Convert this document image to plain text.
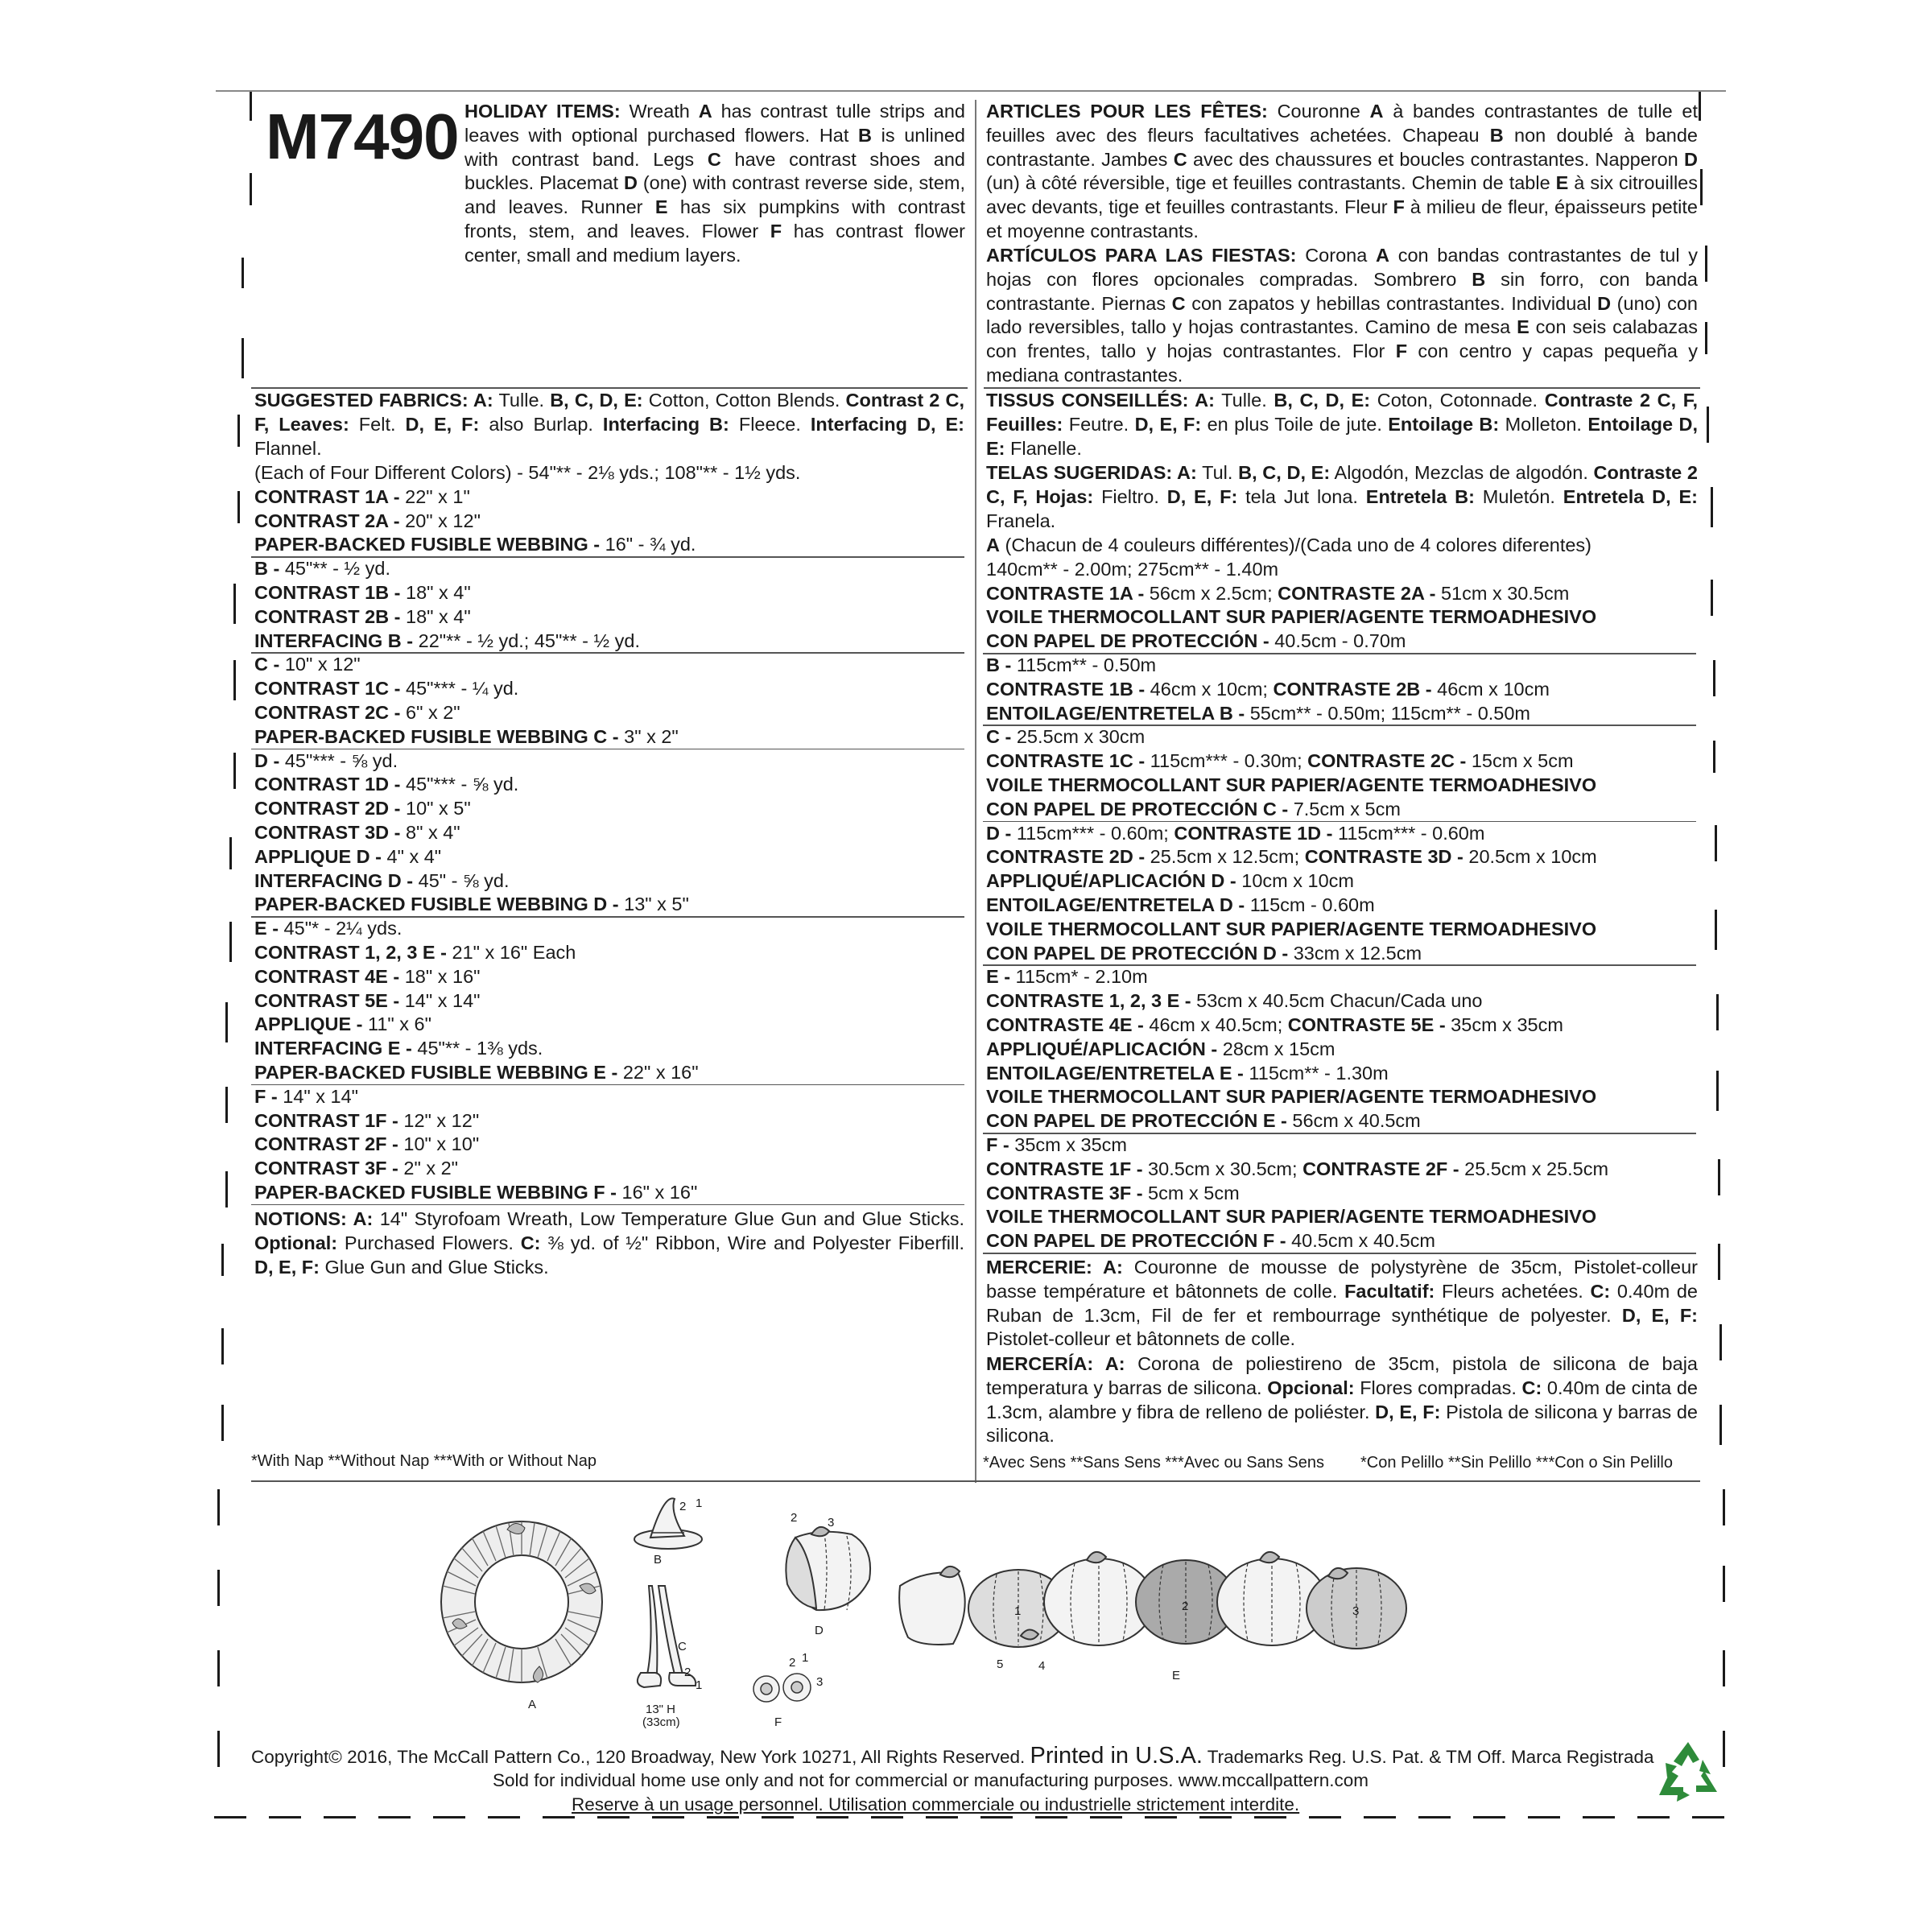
M7490 HOLIDAY ITEMS: Wreath A has contrast tulle strips and leaves with optional purchased flowers. Hat B is unlined with contrast band. Legs C have contrast shoes and buckles. Placemat D (one) with contrast reverse side, stem, and leaves. Runner E has six pumpkins with contrast fronts, stem, and leaves. Flower F has contrast flower center, small and medium layers.
ARTICLES POUR LES FÊTES: Couronne A à bandes contrastantes de tulle et feuilles avec des fleurs facultatives achetées. Chapeau B non doublé à bande contrastante. Jambes C avec des chaussures et boucles contrastantes. Napperon D (un) à côté réversible, tige et feuilles contrastants. Chemin de table E à six citrouilles avec devants, tige et feuilles contrastants. Fleur F à milieu de fleur, épaisseurs petite et moyenne contrastants.
ARTÍCULOS PARA LAS FIESTAS: Corona A con bandas contrastantes de tul y hojas con flores opcionales compradas. Sombrero B sin forro, con banda contrastante. Piernas C con zapatos y hebillas contrastantes. Individual D (uno) con lado reversibles, tallo y hojas contrastantes. Camino de mesa E con seis calabazas con frentes, tallo y hojas contrastantes. Flor F con centro y capas pequeña y mediana contrastantes.
SUGGESTED FABRICS: A: Tulle. B, C, D, E: Cotton, Cotton Blends. Contrast 2 C, F, Leaves: Felt. D, E, F: also Burlap. Interfacing B: Fleece. Interfacing D, E: Flannel.
TISSUS CONSEILLÉS: A: Tulle. B, C, D, E: Coton, Cotonnade. Contraste 2 C, F, Feuilles: Feutre. D, E, F: en plus Toile de jute. Entoilage B: Molleton. Entoilage D, E: Flanelle.
TELAS SUGERIDAS: A: Tul. B, C, D, E: Algodón, Mezclas de algodón. Contraste 2 C, F, Hojas: Fieltro. D, E, F: tela Jut lona. Entretela B: Muletón. Entretela D, E: Franela.
(Each of Four Different Colors) - 54"** - 2⅛ yds.; 108"** - 1½ yds.
CONTRAST 1A - 22" x 1"
CONTRAST 2A - 20" x 12"
PAPER-BACKED FUSIBLE WEBBING - 16" - ¾ yd.
B - 45"** - ½ yd.
CONTRAST 1B - 18" x 4"
CONTRAST 2B - 18" x 4"
INTERFACING B - 22"** - ½ yd.; 45"** - ½ yd.
C - 10" x 12"
CONTRAST 1C - 45"*** - ¼ yd.
CONTRAST 2C - 6" x 2"
PAPER-BACKED FUSIBLE WEBBING C - 3" x 2"
D - 45"*** - ⅝ yd.
CONTRAST 1D - 45"*** - ⅝ yd.
CONTRAST 2D - 10" x 5"
CONTRAST 3D - 8" x 4"
APPLIQUE D - 4" x 4"
INTERFACING D - 45" - ⅝ yd.
PAPER-BACKED FUSIBLE WEBBING D - 13" x 5"
E - 45"* - 2¼ yds.
CONTRAST 1, 2, 3 E - 21" x 16" Each
CONTRAST 4E - 18" x 16"
CONTRAST 5E - 14" x 14"
APPLIQUE - 11" x 6"
INTERFACING E - 45"** - 1⅜ yds.
PAPER-BACKED FUSIBLE WEBBING E - 22" x 16"
F - 14" x 14"
CONTRAST 1F - 12" x 12"
CONTRAST 2F - 10" x 10"
CONTRAST 3F - 2" x 2"
PAPER-BACKED FUSIBLE WEBBING F - 16" x 16"
A (Chacun de 4 couleurs différentes)/(Cada uno de 4 colores diferentes)
140cm** - 2.00m; 275cm** - 1.40m
CONTRASTE 1A - 56cm x 2.5cm; CONTRASTE 2A - 51cm x 30.5cm
VOILE THERMOCOLLANT SUR PAPIER/AGENTE TERMOADHESIVO
CON PAPEL DE PROTECCIÓN - 40.5cm - 0.70m
B - 115cm** - 0.50m
CONTRASTE 1B - 46cm x 10cm; CONTRASTE 2B - 46cm x 10cm
ENTOILAGE/ENTRETELA B - 55cm** - 0.50m; 115cm** - 0.50m
C - 25.5cm x 30cm
CONTRASTE 1C - 115cm*** - 0.30m; CONTRASTE 2C - 15cm x 5cm
VOILE THERMOCOLLANT SUR PAPIER/AGENTE TERMOADHESIVO
CON PAPEL DE PROTECCIÓN C - 7.5cm x 5cm
D - 115cm*** - 0.60m; CONTRASTE 1D - 115cm*** - 0.60m
CONTRASTE 2D - 25.5cm x 12.5cm; CONTRASTE 3D - 20.5cm x 10cm
APPLIQUÉ/APLICACIÓN D - 10cm x 10cm
ENTOILAGE/ENTRETELA D - 115cm - 0.60m
VOILE THERMOCOLLANT SUR PAPIER/AGENTE TERMOADHESIVO
CON PAPEL DE PROTECCIÓN D - 33cm x 12.5cm
E - 115cm* - 2.10m
CONTRASTE 1, 2, 3 E - 53cm x 40.5cm Chacun/Cada uno
CONTRASTE 4E - 46cm x 40.5cm; CONTRASTE 5E - 35cm x 35cm
APPLIQUÉ/APLICACIÓN - 28cm x 15cm
ENTOILAGE/ENTRETELA E - 115cm** - 1.30m
VOILE THERMOCOLLANT SUR PAPIER/AGENTE TERMOADHESIVO
CON PAPEL DE PROTECCIÓN E - 56cm x 40.5cm
F - 35cm x 35cm
CONTRASTE 1F - 30.5cm x 30.5cm; CONTRASTE 2F - 25.5cm x 25.5cm
CONTRASTE 3F - 5cm x 5cm
VOILE THERMOCOLLANT SUR PAPIER/AGENTE TERMOADHESIVO
CON PAPEL DE PROTECCIÓN F - 40.5cm x 40.5cm
NOTIONS: A: 14" Styrofoam Wreath, Low Temperature Glue Gun and Glue Sticks. Optional: Purchased Flowers. C: ⅜ yd. of ½" Ribbon, Wire and Polyester Fiberfill. D, E, F: Glue Gun and Glue Sticks.	MERCERIE: A: Couronne de mousse de polystyrène de 35cm, Pistolet-colleur basse température et bâtonnets de colle. Facultatif: Fleurs achetées. C: 0.40m de Ruban de 1.3cm, Fil de fer et rembourrage synthétique de polyester. D, E, F: Pistolet-colleur et bâtonnets de colle.
MERCERÍA: A: Corona de poliestireno de 35cm, pistola de silicona de baja temperatura y barras de silicona. Opcional: Flores compradas. C: 0.40m de cinta de 1.3cm, alambre y fibra de relleno de poliéster. D, E, F: Pistola de silicona y barras de silicona.
*With Nap **Without Nap ***With or Without Nap	*Avec Sens **Sans Sens ***Avec ou Sans Sens *Con Pelillo **Sin Pelillo ***Con o Sin Pelillo
A
2 1
B
C
2
1
13" H
(33cm)
2 1
3
F
2	3
D
1	2	3
5	4
E
Copyright© 2016, The McCall Pattern Co., 120 Broadway, New York 10271, All Rights Reserved. Printed in U.S.A. Trademarks Reg. U.S. Pat. & TM Off. Marca Registrada
Sold for individual home use only and not for commercial or manufacturing purposes. www.mccallpattern.com
Reserve à un usage personnel. Utilisation commerciale ou industrielle strictement interdite.
